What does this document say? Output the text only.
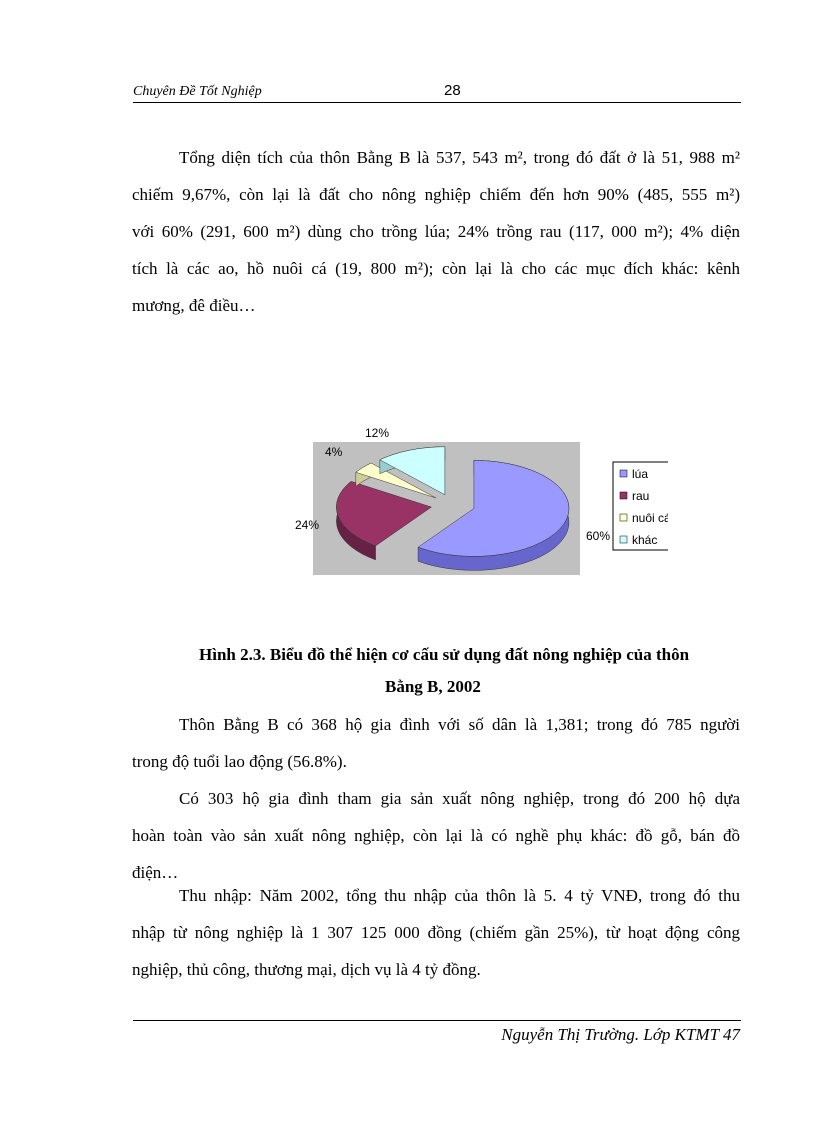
Chuyên Đề Tốt Nghiệp	28
Tổng diện tích của thôn Bằng B là 537, 543 m², trong đó đất ở là 51, 988 m²
chiếm 9,67%, còn lại là đất cho nông nghiệp chiếm đến hơn 90% (485, 555 m²)
với 60% (291, 600 m²) dùng cho trồng lúa; 24% trồng rau (117, 000 m²); 4% diện
tích là các ao, hồ nuôi cá (19, 800 m²); còn lại là cho các mục đích khác: kênh
mương, đê điều…
60%
24%
4%
12%
lúa
rau
nuôi cá
khác
Hình 2.3. Biểu đồ thể hiện cơ cấu sử dụng đất nông nghiệp của thôn
Bằng B, 2002
Thôn Bằng B có 368 hộ gia đình với số dân là 1,381; trong đó 785 người
trong độ tuổi lao động (56.8%).
Có 303 hộ gia đình tham gia sản xuất nông nghiệp, trong đó 200 hộ dựa
hoàn toàn vào sản xuất nông nghiệp, còn lại là có nghề phụ khác: đồ gỗ, bán đồ
điện…
Thu nhập: Năm 2002, tổng thu nhập của thôn là 5. 4 tỷ VNĐ, trong đó thu
nhập từ nông nghiệp là 1 307 125 000 đồng (chiếm gần 25%), từ hoạt động công
nghiệp, thủ công, thương mại, dịch vụ là 4 tỷ đồng.
Nguyễn Thị Trường. Lớp KTMT 47
